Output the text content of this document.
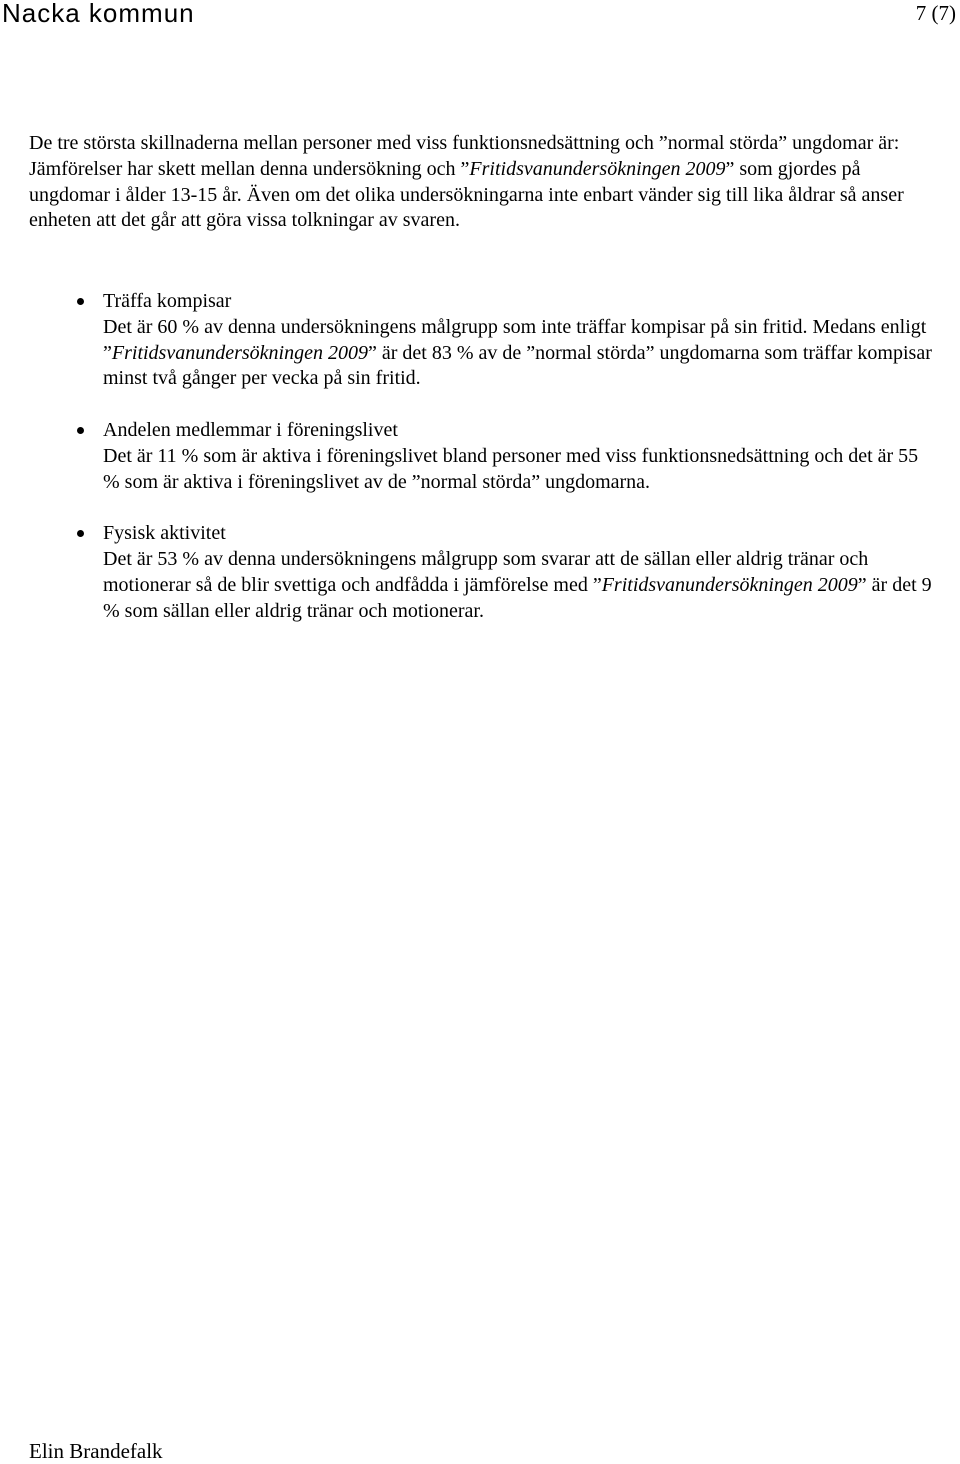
Nacka kommun	7 (7)

De tre största skillnaderna mellan personer med viss funktionsnedsättning och ”normal störda” ungdomar är:

Jämförelser har skett mellan denna undersökning och ”Fritidsvanundersökningen 2009” som gjordes på ungdomar i ålder 13-15 år. Även om det olika undersökningarna inte enbart vänder sig till lika åldrar så anser enheten att det går att göra vissa tolkningar av svaren.

Träffa kompisar

Det är 60 % av denna undersökningens målgrupp som inte träffar kompisar på sin fritid. Medans enligt ”Fritidsvanundersökningen 2009” är det 83 % av de ”normal störda” ungdomarna som träffar kompisar minst två gånger per vecka på sin fritid.

Andelen medlemmar i föreningslivet

Det är 11 % som är aktiva i föreningslivet bland personer med viss funktionsnedsättning och det är 55 % som är aktiva i föreningslivet av de ”normal störda” ungdomarna.

Fysisk aktivitet

Det är 53 % av denna undersökningens målgrupp som svarar att de sällan eller aldrig tränar och motionerar så de blir svettiga och andfådda i jämförelse med ”Fritidsvanundersökningen 2009” är det 9 % som sällan eller aldrig tränar och motionerar.

Elin Brandefalk
